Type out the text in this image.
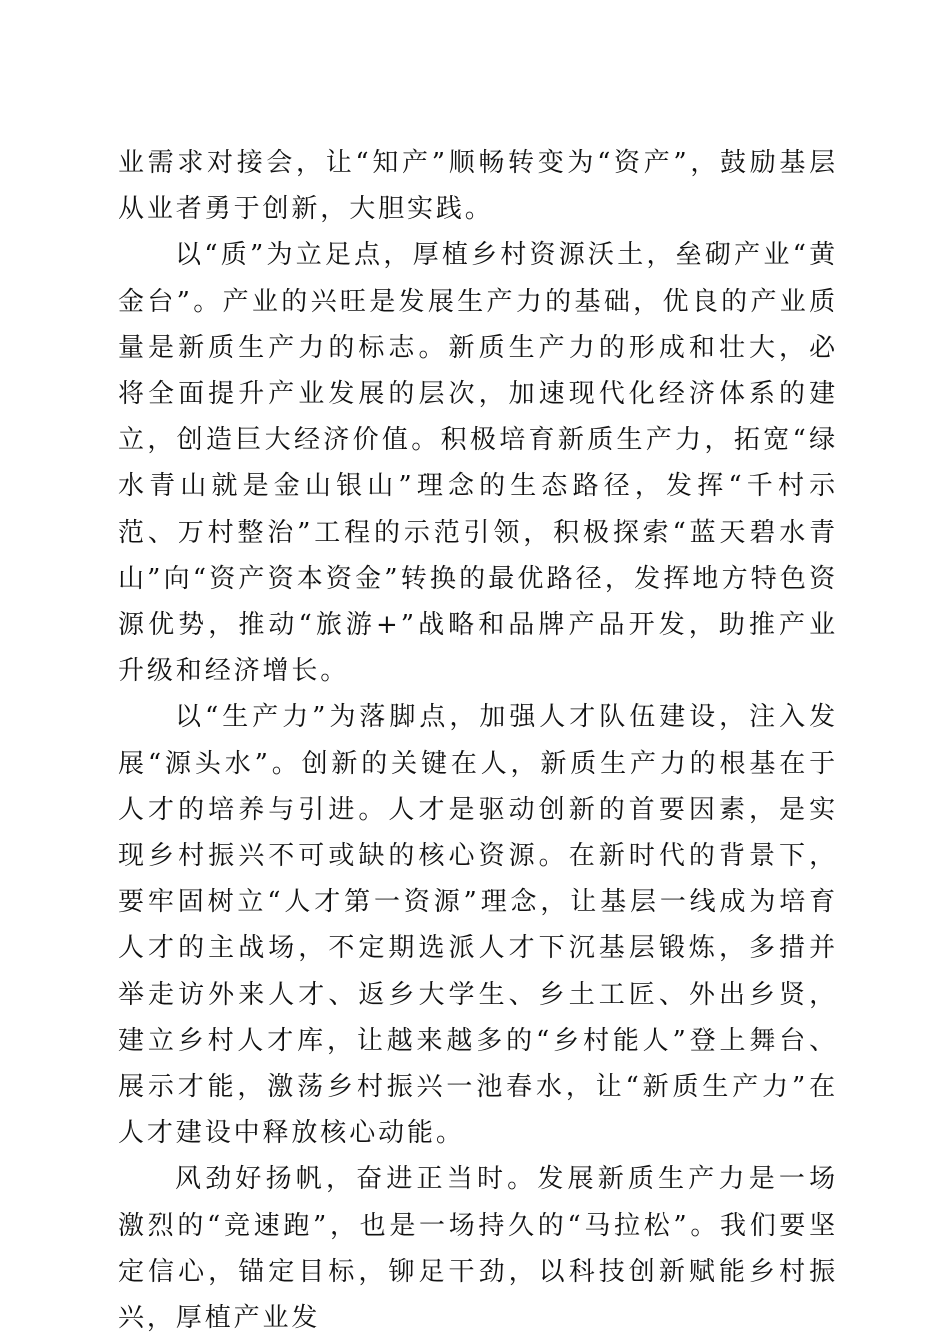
业需求对接会，让“知产”顺畅转变为“资产”，鼓励基层从业者勇于创新，大胆实践。

以“质”为立足点，厚植乡村资源沃土，垒砌产业“黄金台”。产业的兴旺是发展生产力的基础，优良的产业质量是新质生产力的标志。新质生产力的形成和壮大，必将全面提升产业发展的层次，加速现代化经济体系的建立，创造巨大经济价值。积极培育新质生产力，拓宽“绿水青山就是金山银山”理念的生态路径，发挥“千村示范、万村整治”工程的示范引领，积极探索“蓝天碧水青山”向“资产资本资金”转换的最优路径，发挥地方特色资源优势，推动“旅游+”战略和品牌产品开发，助推产业升级和经济增长。

以“生产力”为落脚点，加强人才队伍建设，注入发展“源头水”。创新的关键在人，新质生产力的根基在于人才的培养与引进。人才是驱动创新的首要因素，是实现乡村振兴不可或缺的核心资源。在新时代的背景下，要牢固树立“人才第一资源”理念，让基层一线成为培育人才的主战场，不定期选派人才下沉基层锻炼，多措并举走访外来人才、返乡大学生、乡土工匠、外出乡贤，建立乡村人才库，让越来越多的“乡村能人”登上舞台、展示才能，激荡乡村振兴一池春水，让“新质生产力”在人才建设中释放核心动能。

风劲好扬帆，奋进正当时。发展新质生产力是一场激烈的“竞速跑”，也是一场持久的“马拉松”。我们要坚定信心，锚定目标，铆足干劲，以科技创新赋能乡村振兴，厚植产业发
